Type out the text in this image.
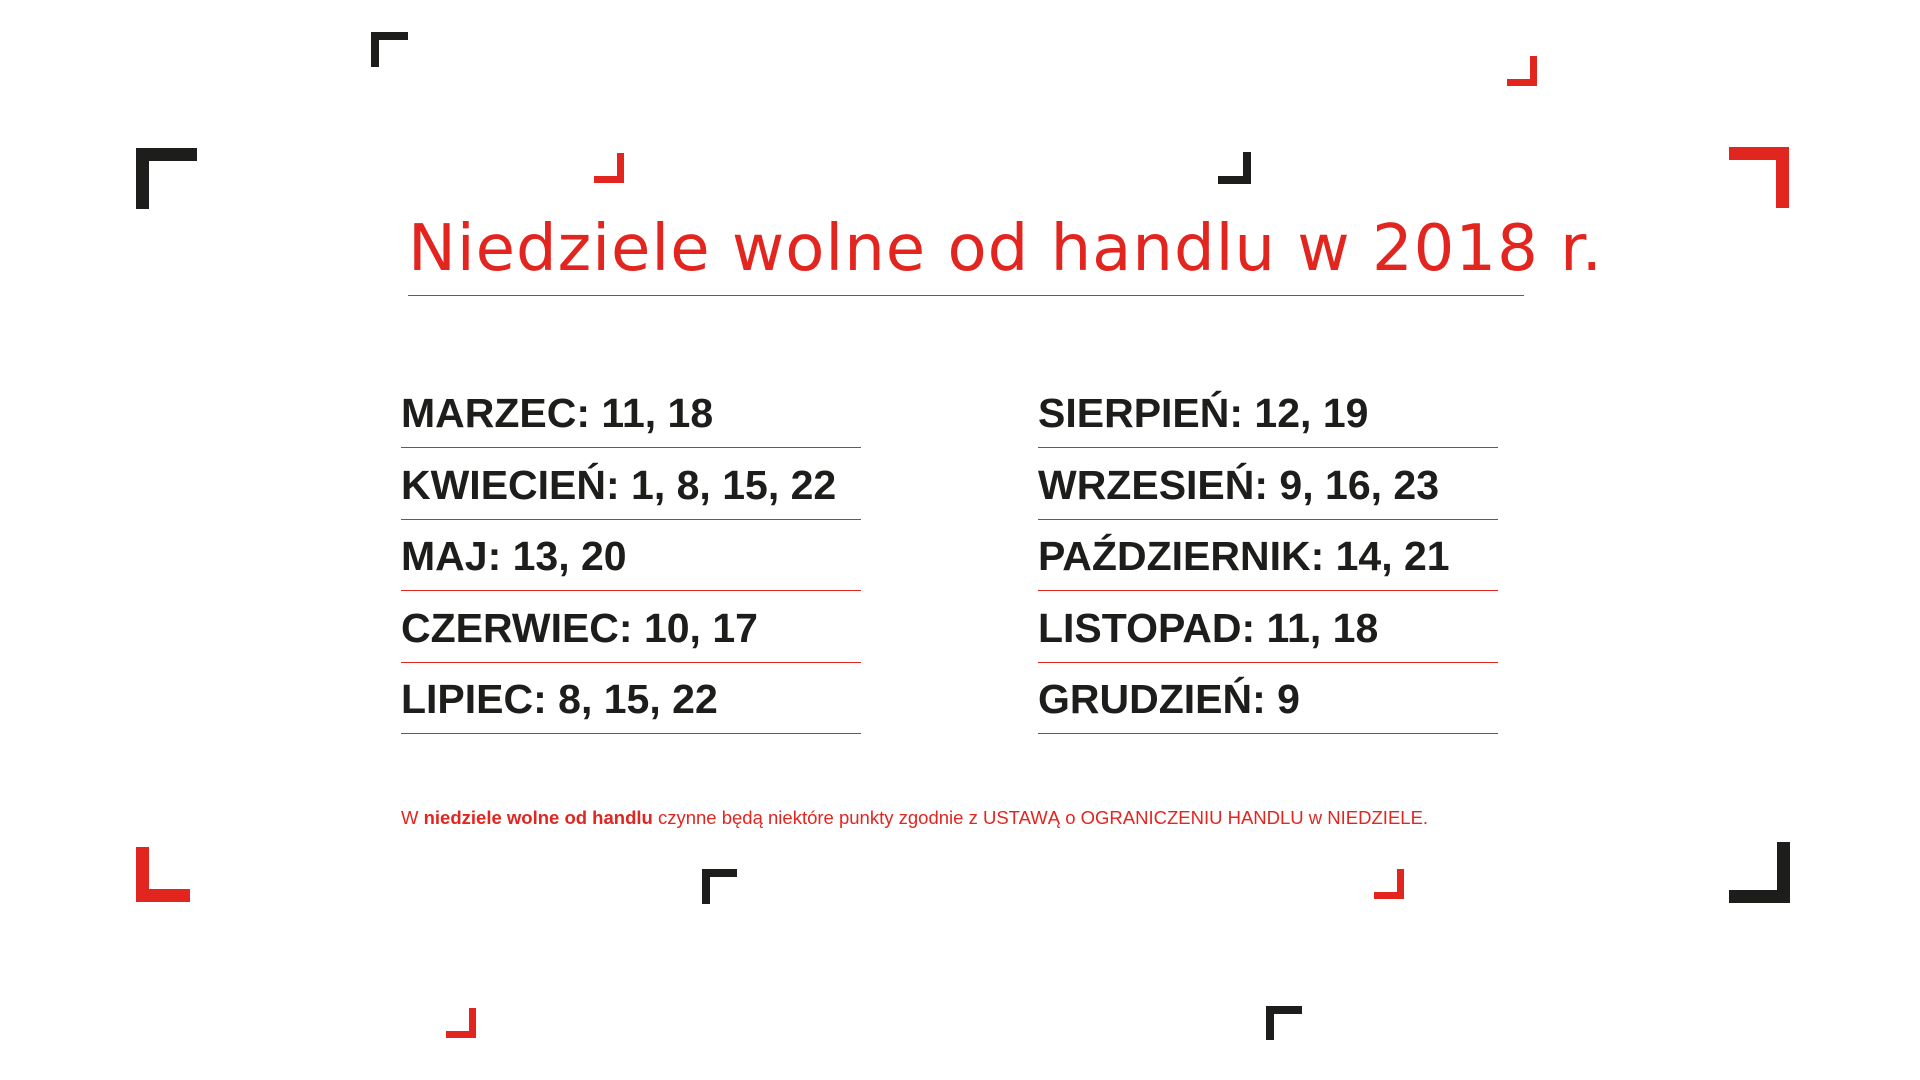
Niedziele wolne od handlu w 2018 r.
MARZEC: 11, 18
KWIECIEŃ: 1, 8, 15, 22
MAJ: 13, 20
CZERWIEC: 10, 17
LIPIEC: 8, 15, 22
SIERPIEŃ: 12, 19
WRZESIEŃ: 9, 16, 23
PAŹDZIERNIK: 14, 21
LISTOPAD: 11, 18
GRUDZIEŃ: 9

W niedziele wolne od handlu czynne będą niektóre punkty zgodnie z USTAWĄ o OGRANICZENIU HANDLU w NIEDZIELE.
